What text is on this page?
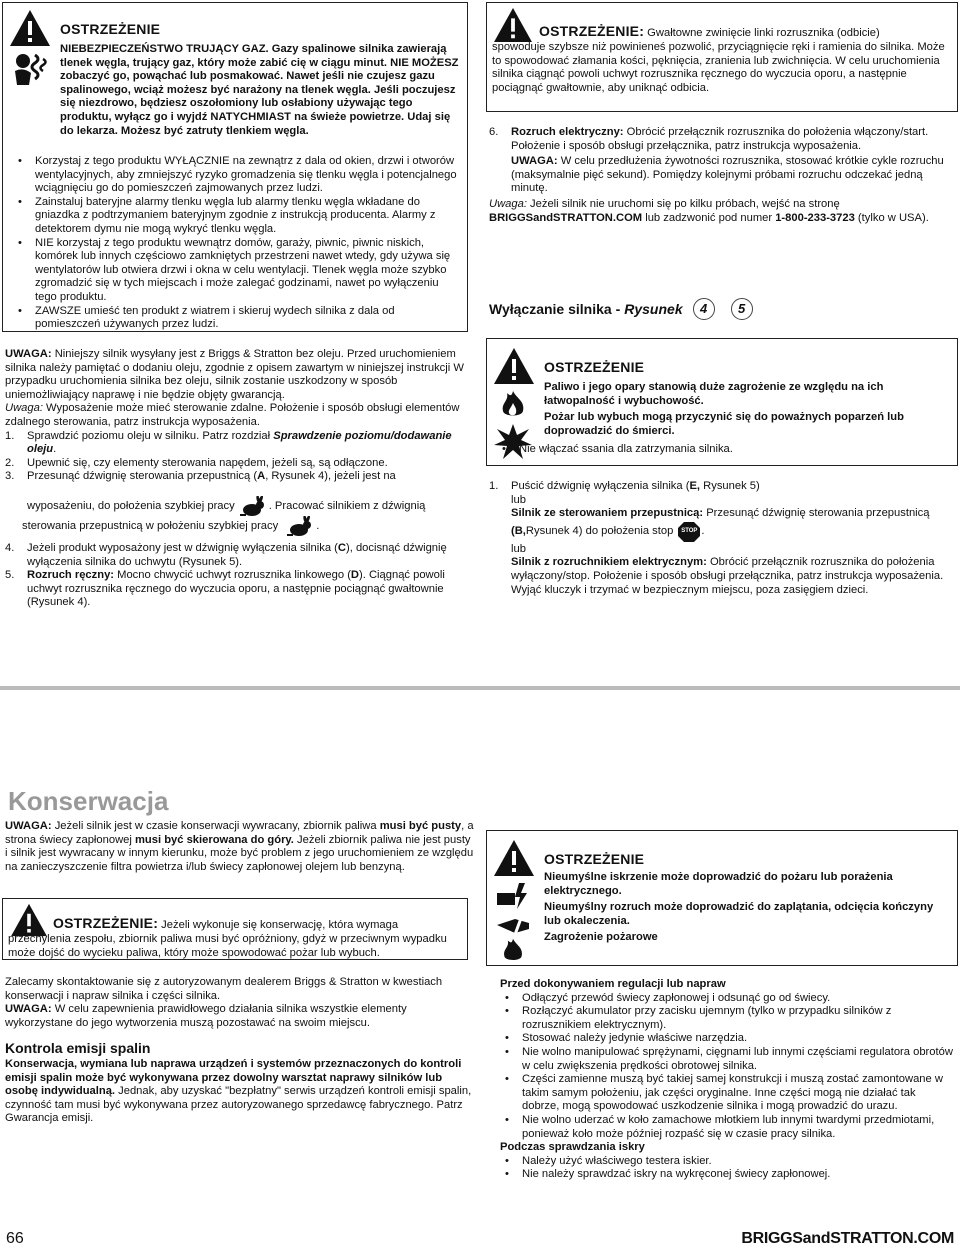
OSTRZEŻENIE
NIEBEZPIECZEŃSTWO TRUJĄCY GAZ. Gazy spalinowe silnika zawierają tlenek węgla, trujący gaz, który może zabić cię w ciągu minut. NIE MOŻESZ zobaczyć go, powąchać lub posmakować. Nawet jeśli nie czujesz gazu spalinowego, wciąż możesz być narażony na tlenek węgla. Jeśli poczujesz się niezdrowo, będziesz oszołomiony lub osłabiony używając tego produktu, wyłącz go i wyjdź NATYCHMIAST na świeże powietrze. Udaj się do lekarza. Możesz być zatruty tlenkiem węgla.
• Korzystaj z tego produktu WYŁĄCZNIE na zewnątrz z dala od okien, drzwi i otworów wentylacyjnych, aby zmniejszyć ryzyko gromadzenia się tlenku węgla i potencjalnego wciągnięciu go do pomieszczeń zajmowanych przez ludzi.
• Zainstaluj bateryjne alarmy tlenku węgla lub alarmy tlenku węgla wkładane do gniazdka z podtrzymaniem bateryjnym zgodnie z instrukcją producenta. Alarmy z detektorem dymu nie mogą wykryć tlenku węgla.
• NIE korzystaj z tego produktu wewnątrz domów, garaży, piwnic, piwnic niskich, komórek lub innych częściowo zamkniętych przestrzeni nawet wtedy, gdy używa się wentylatorów lub otwiera drzwi i okna w celu wentylacji. Tlenek węgla może szybko zgromadzić się w tych miejscach i może zalegać godzinami, nawet po wyłączeniu tego produktu.
• ZAWSZE umieść ten produkt z wiatrem i skieruj wydech silnika z dala od pomieszczeń używanych przez ludzi.

UWAGA: Niniejszy silnik wysyłany jest z Briggs & Stratton bez oleju. Przed uruchomieniem silnika należy pamiętać o dodaniu oleju, zgodnie z opisem zawartym w niniejszej instrukcji W przypadku uruchomienia silnika bez oleju, silnik zostanie uszkodzony w sposób uniemożliwiający naprawę i nie będzie objęty gwarancją.

Uwaga: Wyposażenie może mieć sterowanie zdalne. Położenie i sposób obsługi elementów zdalnego sterowania, patrz instrukcja wyposażenia.

1. Sprawdzić poziomu oleju w silniku. Patrz rozdział Sprawdzenie poziomu/dodawanie oleju.
2. Upewnić się, czy elementy sterowania napędem, jeżeli są, są odłączone.
3. Przesunąć dźwignię sterowania przepustnicą (A, Rysunek 4), jeżeli jest na
wyposażeniu, do położenia szybkiej pracy	. Pracować silnikiem z dźwignią
sterowania przepustnicą w położeniu szybkiej pracy	.
4. Jeżeli produkt wyposażony jest w dźwignię wyłączenia silnika (C), docisnąć dźwignię wyłączenia silnika do uchwytu (Rysunek 5).
5. Rozruch ręczny: Mocno chwycić uchwyt rozrusznika linkowego (D). Ciągnąć powoli uchwyt rozrusznika ręcznego do wyczucia oporu, a następnie pociągnąć gwałtownie (Rysunek 4).
OSTRZEŻENIE: Gwałtowne zwinięcie linki rozrusznika (odbicie)
spowoduje szybsze niż powinieneś pozwolić, przyciągnięcie ręki i ramienia do silnika. Może to spowodować złamania kości, pęknięcia, zranienia lub zwichnięcia. W celu uruchomienia silnika ciągnąć powoli uchwyt rozrusznika ręcznego do wyczucia oporu, a następnie pociągnąć gwałtownie, aby uniknąć odbicia.
6. Rozruch elektryczny: Obrócić przełącznik rozrusznika do położenia włączony/start. Położenie i sposób obsługi przełącznika, patrz instrukcja wyposażenia.
UWAGA: W celu przedłużenia żywotności rozrusznika, stosować krótkie cykle rozruchu (maksymalnie pięć sekund). Pomiędzy kolejnymi próbami rozruchu odczekać jedną minutę.

Uwaga: Jeżeli silnik nie uruchomi się po kilku próbach, wejść na stronę BRIGGSandSTRATTON.COM lub zadzwonić pod numer 1-800-233-3723 (tylko w USA).

Wyłączanie silnika - Rysunek	4	5
OSTRZEŻENIE
Paliwo i jego opary stanowią duże zagrożenie ze względu na ich łatwopalność i wybuchowość.
Pożar lub wybuch mogą przyczynić się do poważnych poparzeń lub doprowadzić do śmierci.
• Nie włączać ssania dla zatrzymania silnika.
1. Puścić dźwignię wyłączenia silnika (E, Rysunek 5)
lub
Silnik ze sterowaniem przepustnicą: Przesunąć dźwignię sterowania przepustnicą
(B, Rysunek 4) do położenia stop	STOP .
lub
Silnik z rozruchnikiem elektrycznym: Obrócić przełącznik rozrusznika do położenia wyłączony/stop. Położenie i sposób obsługi przełącznika, patrz instrukcja wyposażenia. Wyjąć kluczyk i trzymać w bezpiecznym miejscu, poza zasięgiem dzieci.
Konserwacja
UWAGA: Jeżeli silnik jest w czasie konserwacji wywracany, zbiornik paliwa musi być pusty, a strona świecy zapłonowej musi być skierowana do góry. Jeżeli zbiornik paliwa nie jest pusty i silnik jest wywracany w innym kierunku, może być problem z jego uruchomieniem ze względu na zanieczyszczenie filtra powietrza i/lub świecy zapłonowej olejem lub benzyną.
OSTRZEŻENIE: Jeżeli wykonuje się konserwację, która wymaga
przechylenia zespołu, zbiornik paliwa musi być opróżniony, gdyż w przeciwnym wypadku może dojść do wycieku paliwa, który może spowodować pożar lub wybuch.

Zalecamy skontaktowanie się z autoryzowanym dealerem Briggs & Stratton w kwestiach konserwacji i napraw silnika i części silnika.

UWAGA: W celu zapewnienia prawidłowego działania silnika wszystkie elementy wykorzystane do jego wytworzenia muszą pozostawać na swoim miejscu.

Kontrola emisji spalin
Konserwacja, wymiana lub naprawa urządzeń i systemów przeznaczonych do kontroli emisji spalin może być wykonywana przez dowolny warsztat naprawy silników lub osobę indywidualną. Jednak, aby uzyskać "bezpłatny" serwis urządzeń kontroli emisji spalin, czynność tam musi być wykonywana przez autoryzowanego sprzedawcę fabrycznego. Patrz Gwarancja emisji.
OSTRZEŻENIE
Nieumyślne iskrzenie może doprowadzić do pożaru lub porażenia elektrycznego.
Nieumyślny rozruch może doprowadzić do zaplątania, odcięcia kończyny lub okaleczenia.
Zagrożenie pożarowe
Przed dokonywaniem regulacji lub napraw
• Odłączyć przewód świecy zapłonowej i odsunąć go od świecy.
• Rozłączyć akumulator przy zacisku ujemnym (tylko w przypadku silników z rozrusznikiem elektrycznym).
• Stosować należy jedynie właściwe narzędzia.
• Nie wolno manipulować sprężynami, cięgnami lub innymi częściami regulatora obrotów w celu zwiększenia prędkości obrotowej silnika.
• Części zamienne muszą być takiej samej konstrukcji i muszą zostać zamontowane w takim samym położeniu, jak części oryginalne. Inne części mogą nie działać tak dobrze, mogą spowodować uszkodzenie silnika i mogą prowadzić do urazu.
• Nie wolno uderzać w koło zamachowe młotkiem lub innymi twardymi przedmiotami, ponieważ koło może później rozpaść się w czasie pracy silnika.
Podczas sprawdzania iskry
• Należy użyć właściwego testera iskier.
• Nie należy sprawdzać iskry na wykręconej świecy zapłonowej.
66	BRIGGSandSTRATTON.COM
